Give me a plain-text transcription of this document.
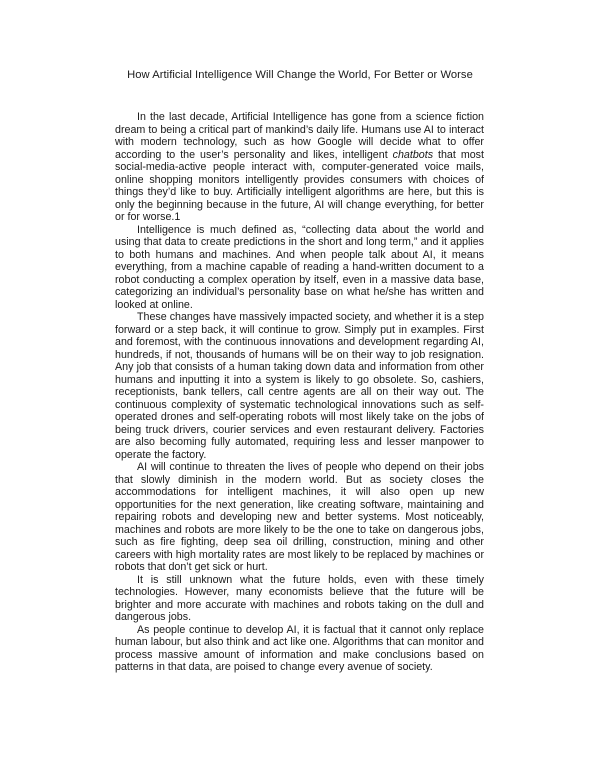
How Artificial Intelligence Will Change the World, For Better or Worse

In the last decade, Artificial Intelligence has gone from a science fiction dream to being a critical part of mankind’s daily life. Humans use AI to interact with modern technology, such as how Google will decide what to offer according to the user’s personality and likes, intelligent chatbots that most social-media-active people interact with, computer-generated voice mails, online shopping monitors intelligently provides consumers with choices of things they’d like to buy. Artificially intelligent algorithms are here, but this is only the beginning because in the future, AI will change everything, for better or for worse.1

Intelligence is much defined as, “collecting data about the world and using that data to create predictions in the short and long term,” and it applies to both humans and machines. And when people talk about AI, it means everything, from a machine capable of reading a hand-written document to a robot conducting a complex operation by itself, even in a massive data base, categorizing an individual’s personality base on what he/she has written and looked at online.

These changes have massively impacted society, and whether it is a step forward or a step back, it will continue to grow. Simply put in examples. First and foremost, with the continuous innovations and development regarding AI, hundreds, if not, thousands of humans will be on their way to job resignation. Any job that consists of a human taking down data and information from other humans and inputting it into a system is likely to go obsolete. So, cashiers, receptionists, bank tellers, call centre agents are all on their way out. The continuous complexity of systematic technological innovations such as self-operated drones and self-operating robots will most likely take on the jobs of being truck drivers, courier services and even restaurant delivery. Factories are also becoming fully automated, requiring less and lesser manpower to operate the factory.

AI will continue to threaten the lives of people who depend on their jobs that slowly diminish in the modern world. But as society closes the accommodations for intelligent machines, it will also open up new opportunities for the next generation, like creating software, maintaining and repairing robots and developing new and better systems. Most noticeably, machines and robots are more likely to be the one to take on dangerous jobs, such as fire fighting, deep sea oil drilling, construction, mining and other careers with high mortality rates are most likely to be replaced by machines or robots that don’t get sick or hurt.

It is still unknown what the future holds, even with these timely technologies. However, many economists believe that the future will be brighter and more accurate with machines and robots taking on the dull and dangerous jobs.

As people continue to develop AI, it is factual that it cannot only replace human labour, but also think and act like one. Algorithms that can monitor and process massive amount of information and make conclusions based on patterns in that data, are poised to change every avenue of society.
